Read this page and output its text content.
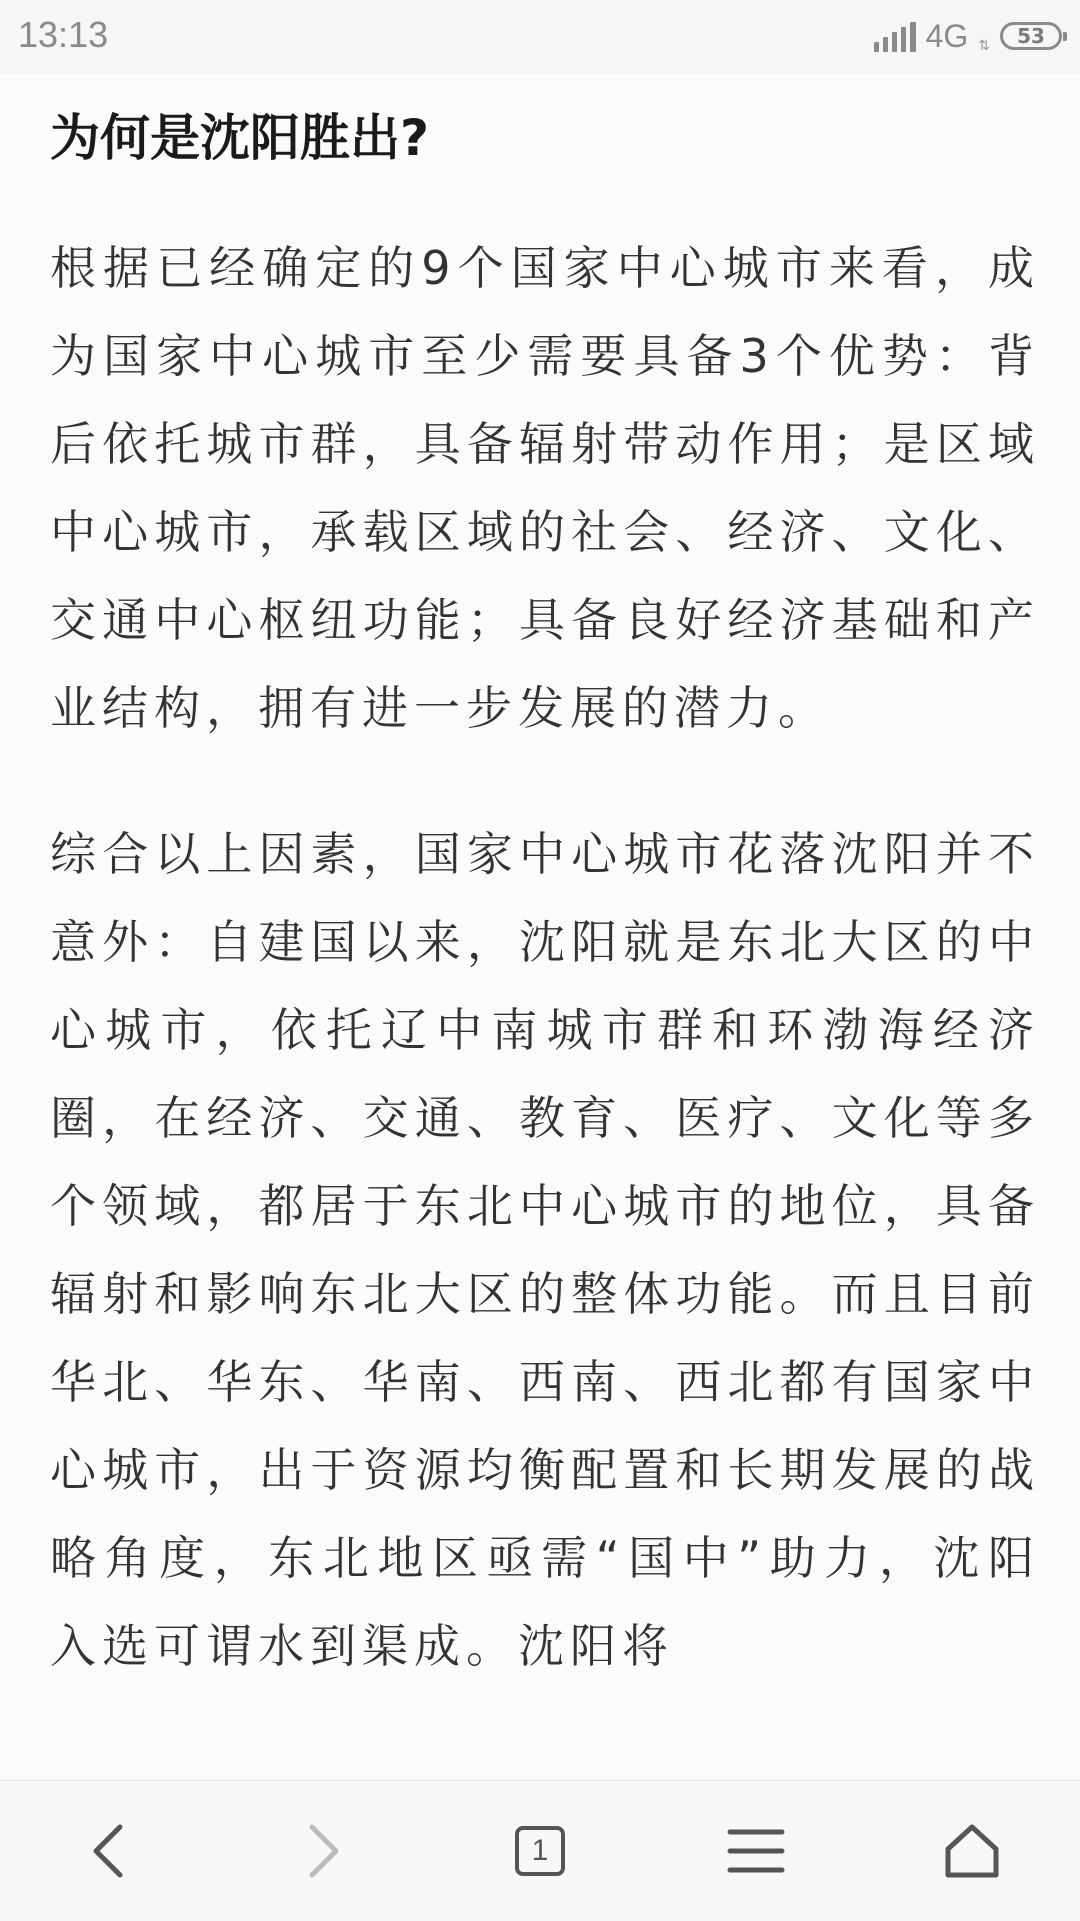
13:13	4G ⇅ 53
为何是沈阳胜出?

根据已经确定的9个国家中心城市来看，成为国家中心城市至少需要具备3个优势：背后依托城市群，具备辐射带动作用；是区域中心城市，承载区域的社会、经济、文化、交通中心枢纽功能；具备良好经济基础和产业结构，拥有进一步发展的潜力。

综合以上因素，国家中心城市花落沈阳并不意外：自建国以来，沈阳就是东北大区的中心城市，依托辽中南城市群和环渤海经济圈，在经济、交通、教育、医疗、文化等多个领域，都居于东北中心城市的地位，具备辐射和影响东北大区的整体功能。而且目前华北、华东、华南、西南、西北都有国家中心城市，出于资源均衡配置和长期发展的战略角度，东北地区亟需“国中”助力，沈阳入选可谓水到渠成。沈阳将

1
